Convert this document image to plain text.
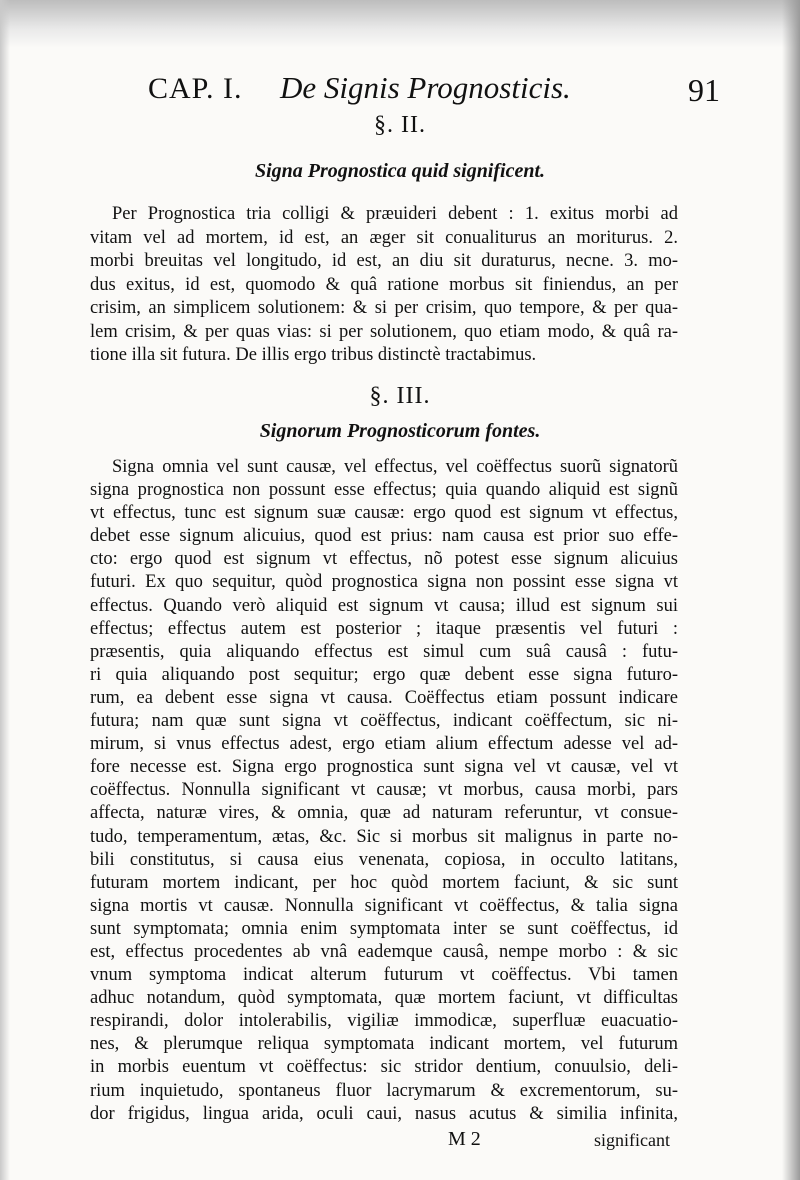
CAP. I. De Signis Prognosticis.	91
§. II.
Signa Prognostica quid significent.
Per Prognostica tria colligi & præuideri debent : 1. exitus morbi ad
vitam vel ad mortem, id est, an æger sit conualiturus an moriturus. 2.
morbi breuitas vel longitudo, id est, an diu sit duraturus, necne. 3. mo-
dus exitus, id est, quomodo & quâ ratione morbus sit finiendus, an per
crisim, an simplicem solutionem: & si per crisim, quo tempore, & per qua-
lem crisim, & per quas vias: si per solutionem, quo etiam modo, & quâ ra-
tione illa sit futura. De illis ergo tribus distinctè tractabimus.
§. III.
Signorum Prognosticorum fontes.
Signa omnia vel sunt causæ, vel effectus, vel coëffectus suorũ signatorũ
signa prognostica non possunt esse effectus; quia quando aliquid est signũ
vt effectus, tunc est signum suæ causæ: ergo quod est signum vt effectus,
debet esse signum alicuius, quod est prius: nam causa est prior suo effe-
cto: ergo quod est signum vt effectus, nõ potest esse signum alicuius
futuri. Ex quo sequitur, quòd prognostica signa non possint esse signa vt
effectus. Quando verò aliquid est signum vt causa; illud est signum sui
effectus; effectus autem est posterior ; itaque præsentis vel futuri :
præsentis, quia aliquando effectus est simul cum suâ causâ : futu-
ri quia aliquando post sequitur; ergo quæ debent esse signa futuro-
rum, ea debent esse signa vt causa. Coëffectus etiam possunt indicare
futura; nam quæ sunt signa vt coëffectus, indicant coëffectum, sic ni-
mirum, si vnus effectus adest, ergo etiam alium effectum adesse vel ad-
fore necesse est. Signa ergo prognostica sunt signa vel vt causæ, vel vt
coëffectus. Nonnulla significant vt causæ; vt morbus, causa morbi, pars
affecta, naturæ vires, & omnia, quæ ad naturam referuntur, vt consue-
tudo, temperamentum, ætas, &c. Sic si morbus sit malignus in parte no-
bili constitutus, si causa eius venenata, copiosa, in occulto latitans,
futuram mortem indicant, per hoc quòd mortem faciunt, & sic sunt
signa mortis vt causæ. Nonnulla significant vt coëffectus, & talia signa
sunt symptomata; omnia enim symptomata inter se sunt coëffectus, id
est, effectus procedentes ab vnâ eademque causâ, nempe morbo : & sic
vnum symptoma indicat alterum futurum vt coëffectus. Vbi tamen
adhuc notandum, quòd symptomata, quæ mortem faciunt, vt difficultas
respirandi, dolor intolerabilis, vigiliæ immodicæ, superfluæ euacuatio-
nes, & plerumque reliqua symptomata indicant mortem, vel futurum
in morbis euentum vt coëffectus: sic stridor dentium, conuulsio, deli-
rium inquietudo, spontaneus fluor lacrymarum & excrementorum, su-
dor frigidus, lingua arida, oculi caui, nasus acutus & similia infinita,
M 2	significant
